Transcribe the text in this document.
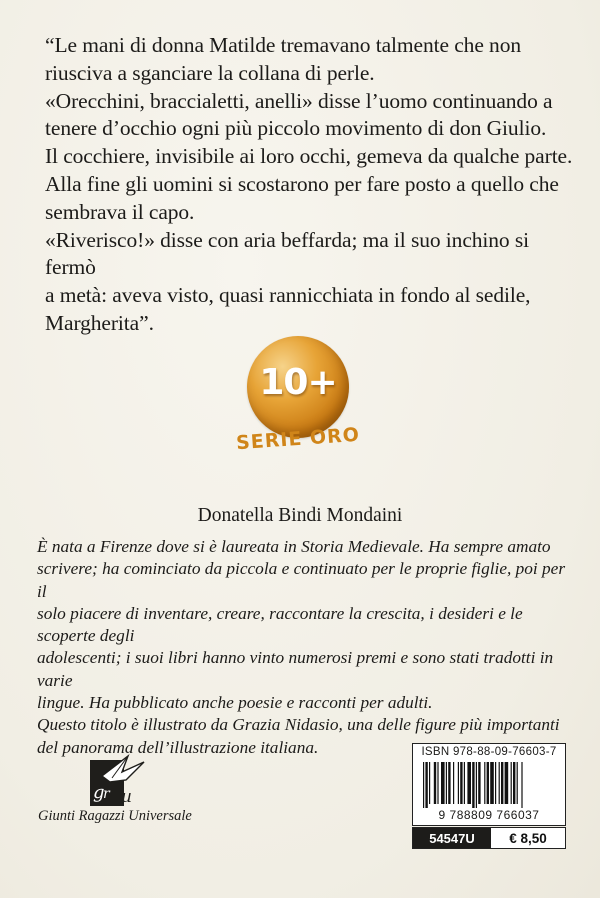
“Le mani di donna Matilde tremavano talmente che non

riusciva a sganciare la collana di perle.

«Orecchini, braccialetti, anelli» disse l’uomo continuando a

tenere d’occhio ogni più piccolo movimento di don Giulio.

Il cocchiere, invisibile ai loro occhi, gemeva da qualche parte.

Alla fine gli uomini si scostarono per fare posto a quello che

sembrava il capo.

«Riverisco!» disse con aria beffarda; ma il suo inchino si fermò

a metà: aveva visto, quasi rannicchiata in fondo al sedile,

Margherita”.

10+
SERIE ORO
Donatella Bindi Mondaini

È nata a Firenze dove si è laureata in Storia Medievale. Ha sempre amato

scrivere; ha cominciato da piccola e continuato per le proprie figlie, poi per il

solo piacere di inventare, creare, raccontare la crescita, i desideri e le scoperte degli

adolescenti; i suoi libri hanno vinto numerosi premi e sono stati tradotti in varie

lingue. Ha pubblicato anche poesie e racconti per adulti.

Questo titolo è illustrato da Grazia Nidasio, una delle figure più importanti

del panorama dell’illustrazione italiana.

g
r u
Giunti Ragazzi Universale
ISBN 978-88-09-76603-7
9 788809 766037
54547U	€ 8,50
